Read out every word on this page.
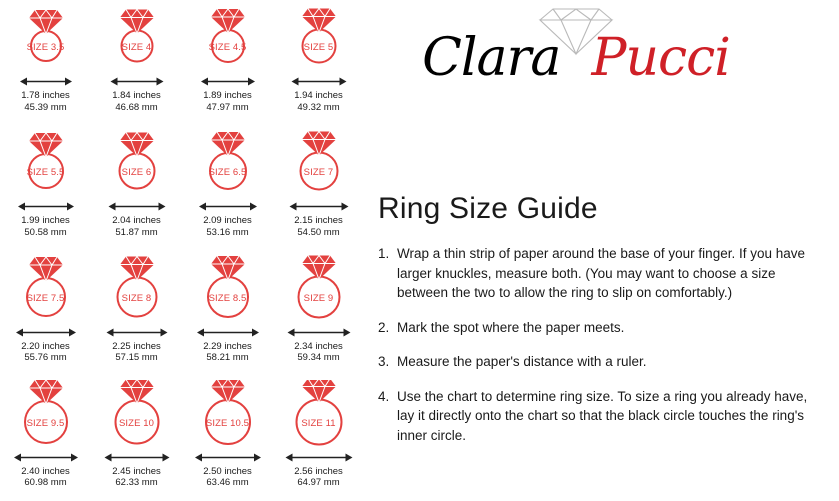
SIZE 3.5
1.78 inches
45.39 mm
SIZE 4
1.84 inches
46.68 mm
SIZE 4.5
1.89 inches
47.97 mm
SIZE 5
1.94 inches
49.32 mm
SIZE 5.5
1.99 inches
50.58 mm
SIZE 6
2.04 inches
51.87 mm
SIZE 6.5
2.09 inches
53.16 mm
SIZE 7
2.15 inches
54.50 mm
SIZE 7.5
2.20 inches
55.76 mm
SIZE 8
2.25 inches
57.15 mm
SIZE 8.5
2.29 inches
58.21 mm
SIZE 9
2.34 inches
59.34 mm
SIZE 9.5
2.40 inches
60.98 mm
SIZE 10
2.45 inches
62.33 mm
SIZE 10.5
2.50 inches
63.46 mm
SIZE 11
2.56 inches
64.97 mm
Clara Pucci
Ring Size Guide
1. Wrap a thin strip of paper around the base of your finger. If you have larger knuckles, measure both. (You may want to choose a size between the two to allow the ring to slip on comfortably.)
2. Mark the spot where the paper meets.
3. Measure the paper's distance with a ruler.
4. Use the chart to determine ring size. To size a ring you already have, lay it directly onto the chart so that the black circle touches the ring's inner circle.
